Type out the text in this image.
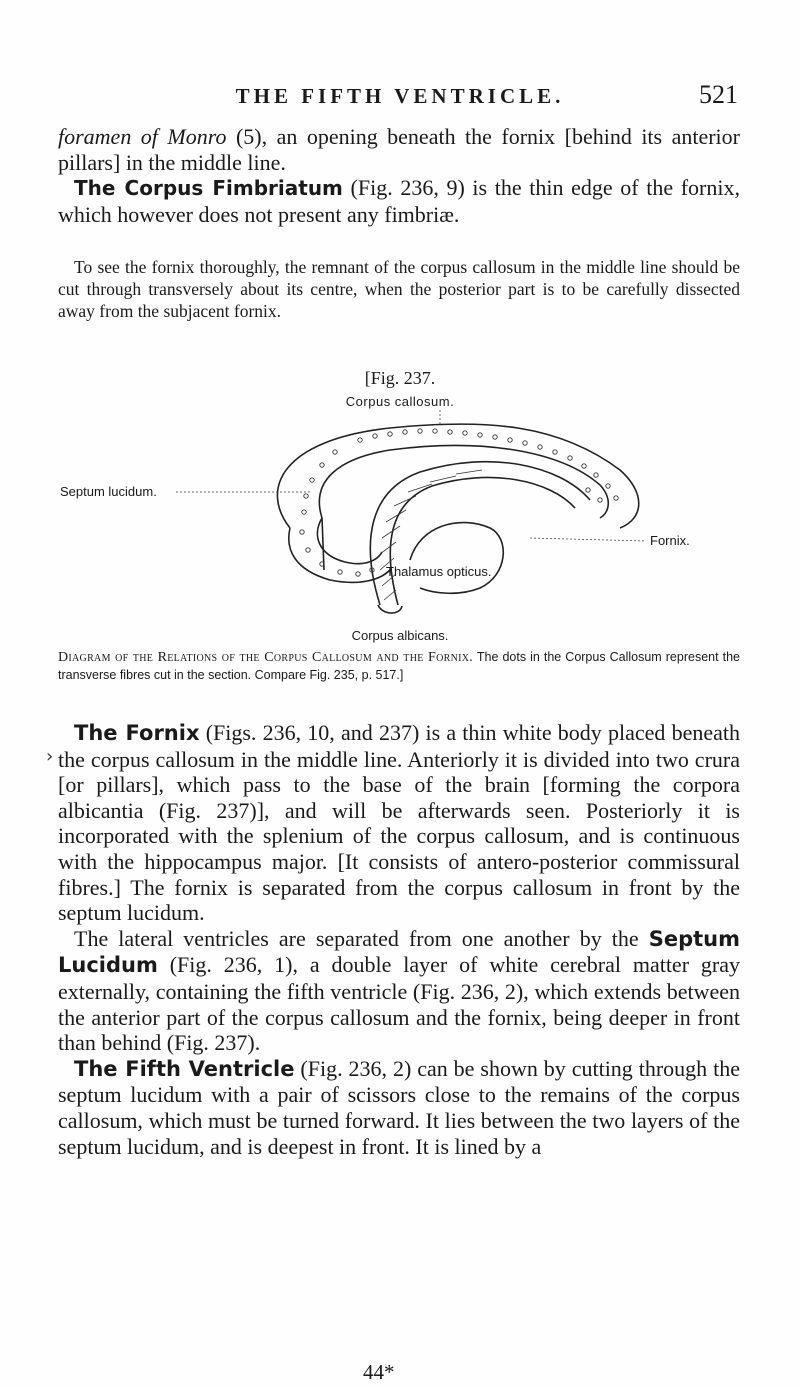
THE FIFTH VENTRICLE.	521

foramen of Monro (5), an opening beneath the fornix [behind its anterior pillars] in the middle line.

The Corpus Fimbriatum (Fig. 236, 9) is the thin edge of the fornix, which however does not present any fimbriæ.

To see the fornix thoroughly, the remnant of the corpus callosum in the middle line should be cut through transversely about its centre, when the posterior part is to be carefully dissected away from the subjacent fornix.

[Fig. 237.
Corpus callosum.
Septum lucidum.
Fornix.
Thalamus opticus.
Corpus albicans.

Diagram of the Relations of the Corpus Callosum and the Fornix. The dots in the Corpus Callosum represent the transverse fibres cut in the section. Compare Fig. 235, p. 517.]

›

The Fornix (Figs. 236, 10, and 237) is a thin white body placed beneath the corpus callosum in the middle line. Anteriorly it is divided into two crura [or pillars], which pass to the base of the brain [forming the corpora albicantia (Fig. 237)], and will be afterwards seen. Posteriorly it is incorporated with the splenium of the corpus callosum, and is continuous with the hippocampus major. [It consists of antero-posterior commissural fibres.] The fornix is separated from the corpus callosum in front by the septum lucidum.

The lateral ventricles are separated from one another by the Septum Lucidum (Fig. 236, 1), a double layer of white cerebral matter gray externally, containing the fifth ventricle (Fig. 236, 2), which extends between the anterior part of the corpus callosum and the fornix, being deeper in front than behind (Fig. 237).

The Fifth Ventricle (Fig. 236, 2) can be shown by cutting through the septum lucidum with a pair of scissors close to the remains of the corpus callosum, which must be turned forward. It lies between the two layers of the septum lucidum, and is deepest in front. It is lined by a

44*
